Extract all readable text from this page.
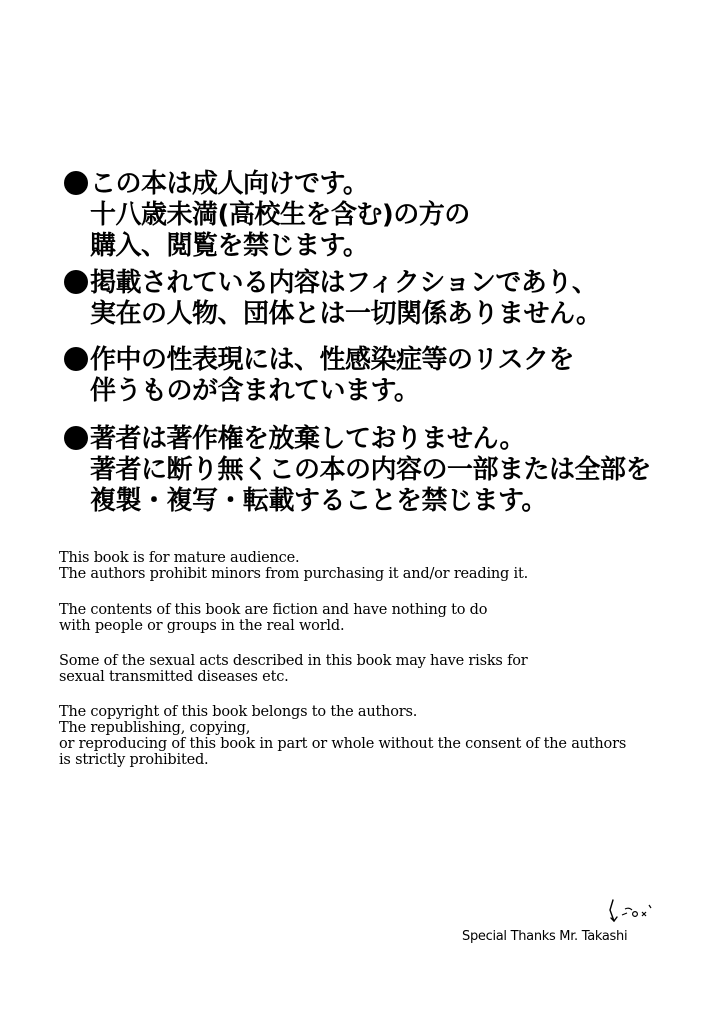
この本は成人向けです。
十八歳未満(高校生を含む)の方の
購入、閲覧を禁じます。
掲載されている内容はフィクションであり、
実在の人物、団体とは一切関係ありません。
作中の性表現には、性感染症等のリスクを
伴うものが含まれています。
著者は著作権を放棄しておりません。
著者に断り無くこの本の内容の一部または全部を
複製・複写・転載することを禁じます。
This book is for mature audience.
The authors prohibit minors from purchasing it and/or reading it.
The contents of this book are fiction and have nothing to do
with people or groups in the real world.
Some of the sexual acts described in this book may have risks for
sexual transmitted diseases etc.
The copyright of this book belongs to the authors.
The republishing, copying,
or reproducing of this book in part or whole without the consent of the authors
is strictly prohibited.
Special Thanks Mr. Takashi
